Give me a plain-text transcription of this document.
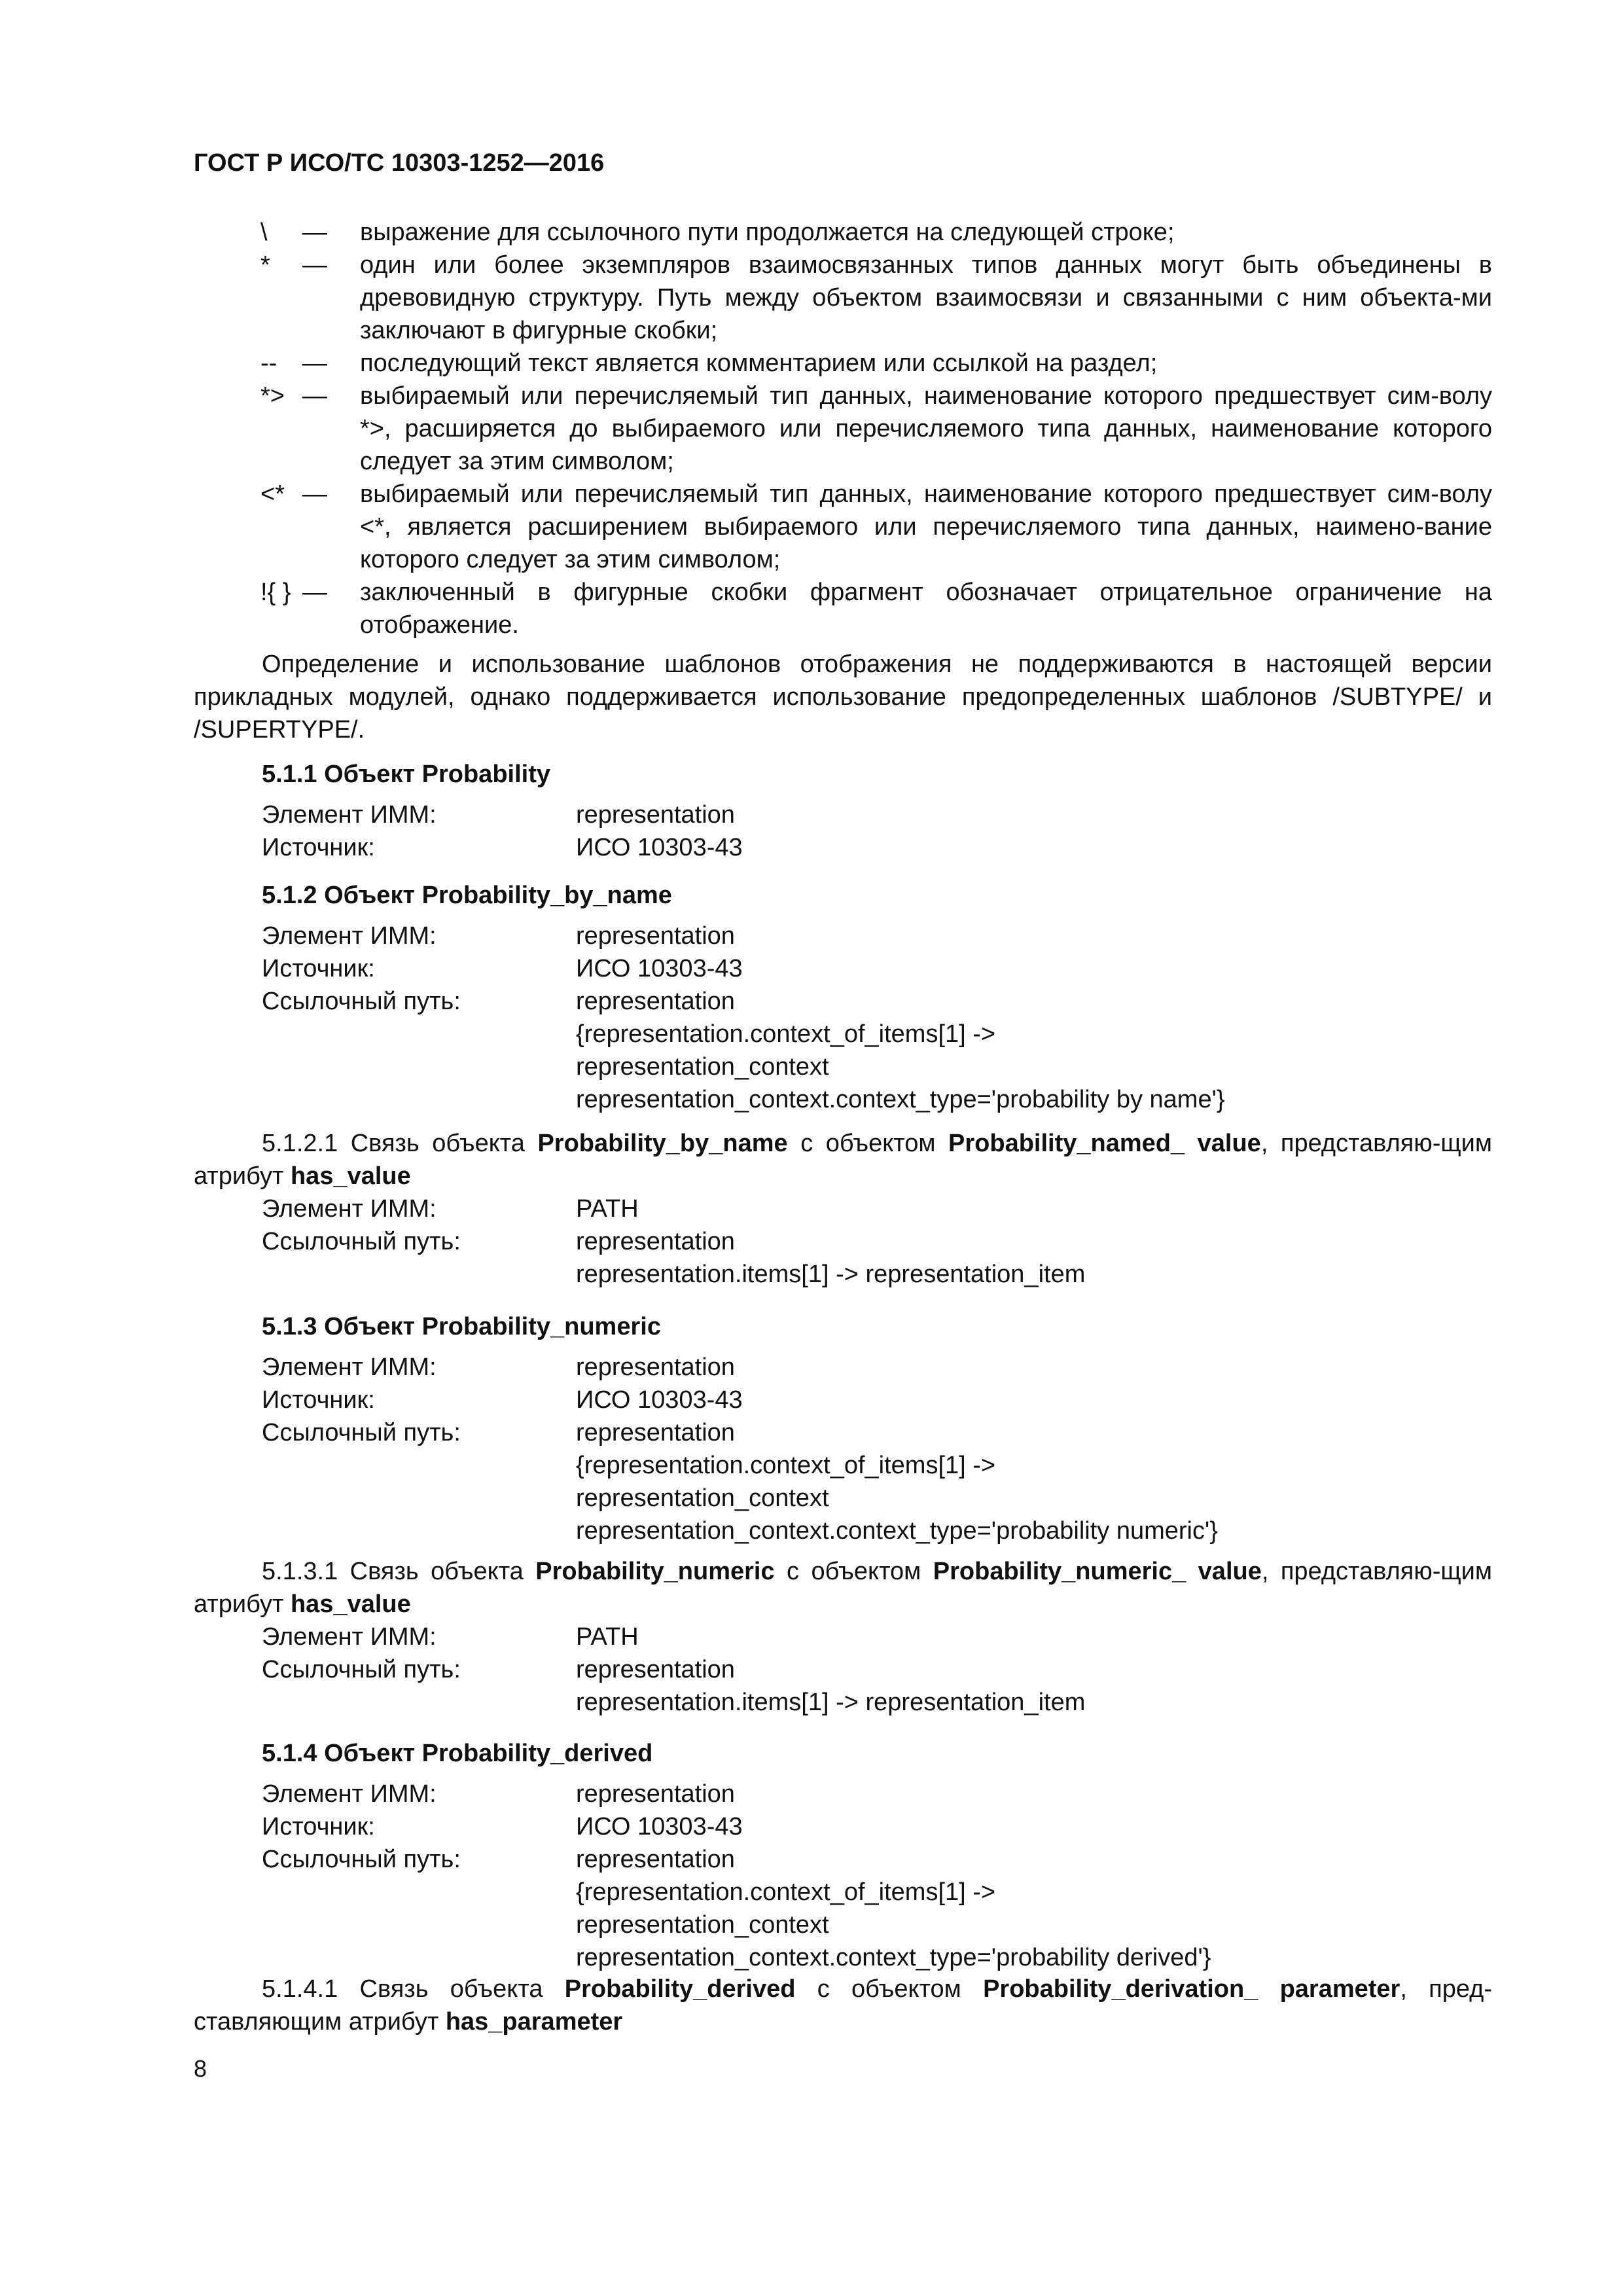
ГОСТ Р ИСО/ТС 10303-1252—2016
\	— выражение для ссылочного пути продолжается на следующей строке;
*	— один или более экземпляров взаимосвязанных типов данных могут быть объединены в древовидную структуру. Путь между объектом взаимосвязи и связанными с ним объекта-ми заключают в фигурные скобки;
--	— последующий текст является комментарием или ссылкой на раздел;
*> — выбираемый или перечисляемый тип данных, наименование которого предшествует сим-волу *>, расширяется до выбираемого или перечисляемого типа данных, наименование которого следует за этим символом;
<* — выбираемый или перечисляемый тип данных, наименование которого предшествует сим-волу <*, является расширением выбираемого или перечисляемого типа данных, наимено-вание которого следует за этим символом;
!{ } — заключенный в фигурные скобки фрагмент обозначает отрицательное ограничение на отображение.

Определение и использование шаблонов отображения не поддерживаются в настоящей версии прикладных модулей, однако поддерживается использование предопределенных шаблонов /SUBTYPE/ и /SUPERTYPE/.

5.1.1 Объект Probability
Элемент ИММ:	representation
Источник:	ИСО 10303-43
5.1.2 Объект Probability_by_name
Элемент ИММ:	representation
Источник:	ИСО 10303-43
Ссылочный путь:	representation
{representation.context_of_items[1] ->
representation_context
representation_context.context_type='probability by name'}

5.1.2.1 Связь объекта Probability_by_name с объектом Probability_named_ value, представляю-щим атрибут has_value

Элемент ИММ:	PATH
Ссылочный путь:	representation
representation.items[1] -> representation_item
5.1.3 Объект Probability_numeric
Элемент ИММ:	representation
Источник:	ИСО 10303-43
Ссылочный путь:	representation
{representation.context_of_items[1] ->
representation_context
representation_context.context_type='probability numeric'}

5.1.3.1 Связь объекта Probability_numeric с объектом Probability_numeric_ value, представляю-щим атрибут has_value

Элемент ИММ:	PATH
Ссылочный путь:	representation
representation.items[1] -> representation_item
5.1.4 Объект Probability_derived
Элемент ИММ:	representation
Источник:	ИСО 10303-43
Ссылочный путь:	representation
{representation.context_of_items[1] ->
representation_context
representation_context.context_type='probability derived'}

5.1.4.1 Связь объекта Probability_derived с объектом Probability_derivation_ parameter, пред-ставляющим атрибут has_parameter

8
